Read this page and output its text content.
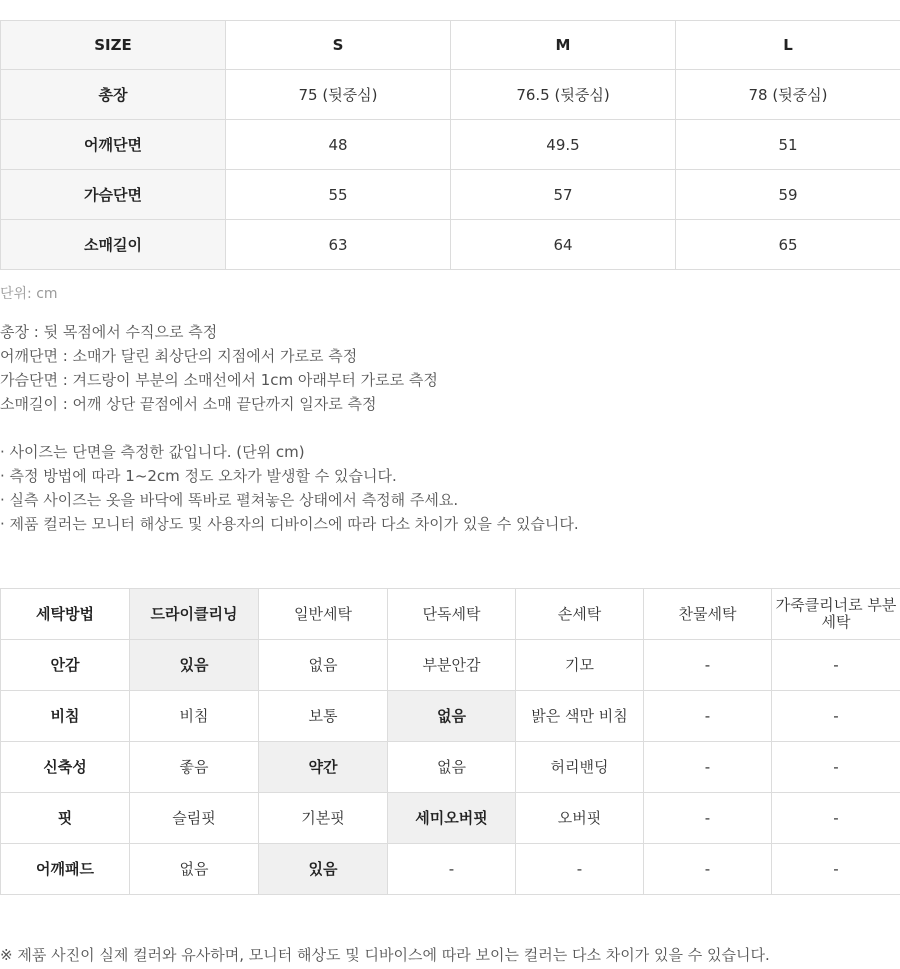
SIZE	S	M	L
총장	75 (뒷중심)	76.5 (뒷중심)	78 (뒷중심)
어깨단면	48	49.5	51
가슴단면	55	57	59
소매길이	63	64	65
단위: cm
총장 : 뒷 목점에서 수직으로 측정
어깨단면 : 소매가 달린 최상단의 지점에서 가로로 측정
가슴단면 : 겨드랑이 부분의 소매선에서 1cm 아래부터 가로로 측정
소매길이 : 어깨 상단 끝점에서 소매 끝단까지 일자로 측정
· 사이즈는 단면을 측정한 값입니다. (단위 cm)
· 측정 방법에 따라 1~2cm 정도 오차가 발생할 수 있습니다.
· 실측 사이즈는 옷을 바닥에 똑바로 펼쳐놓은 상태에서 측정해 주세요.
· 제품 컬러는 모니터 해상도 및 사용자의 디바이스에 따라 다소 차이가 있을 수 있습니다.
세탁방법	드라이클리닝	일반세탁	단독세탁	손세탁	찬물세탁	가죽클리너로 부분세탁
안감	있음	없음	부분안감	기모	-	-
비침	비침	보통	없음	밝은 색만 비침	-	-
신축성	좋음	약간	없음	허리밴딩	-	-
핏	슬림핏	기본핏	세미오버핏	오버핏	-	-
어깨패드	없음	있음	-	-	-	-
※ 제품 사진이 실제 컬러와 유사하며, 모니터 해상도 및 디바이스에 따라 보이는 컬러는 다소 차이가 있을 수 있습니다.
